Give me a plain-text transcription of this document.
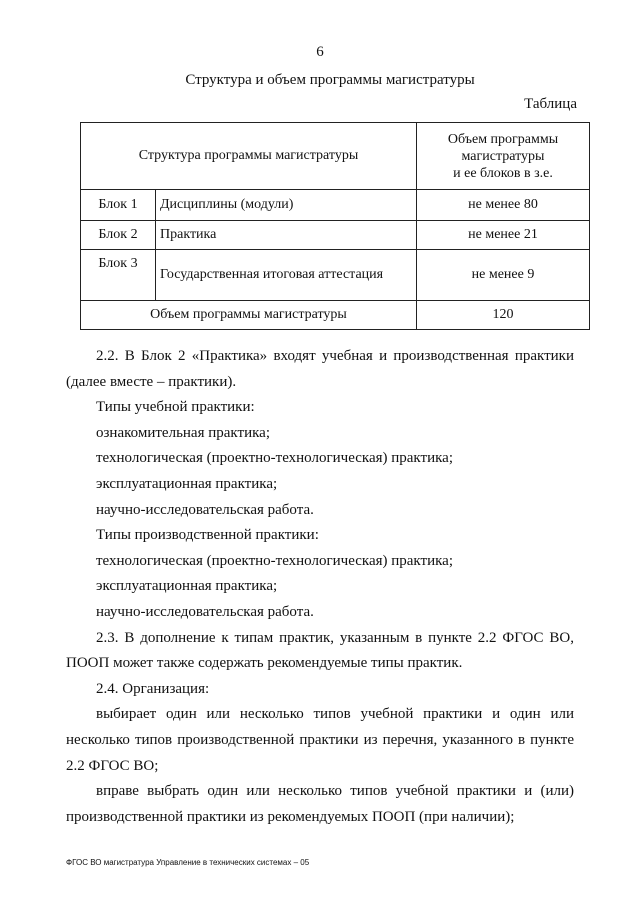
6
Структура и объем программы магистратуры
Таблица
Структура программы магистратуры		Объем программы
магистратуры
и ее блоков в з.е.

Блок 1	Дисциплины (модули)	не менее 80
Блок 2	Практика	не менее 21
Блок 3	Государственная итоговая аттестация	не менее 9
Объем программы магистратуры		120

2.2. В Блок 2 «Практика» входят учебная и производственная практики (далее вместе – практики).

Типы учебной практики:

ознакомительная практика;

технологическая (проектно-технологическая) практика;

эксплуатационная практика;

научно-исследовательская работа.

Типы производственной практики:

технологическая (проектно-технологическая) практика;

эксплуатационная практика;

научно-исследовательская работа.

2.3. В дополнение к типам практик, указанным в пункте 2.2 ФГОС ВО, ПООП может также содержать рекомендуемые типы практик.

2.4. Организация:

выбирает один или несколько типов учебной практики и один или несколько типов производственной практики из перечня, указанного в пункте 2.2 ФГОС ВО;

вправе выбрать один или несколько типов учебной практики и (или) производственной практики из рекомендуемых ПООП (при наличии);

ФГОС ВО магистратура Управление в технических системах – 05
